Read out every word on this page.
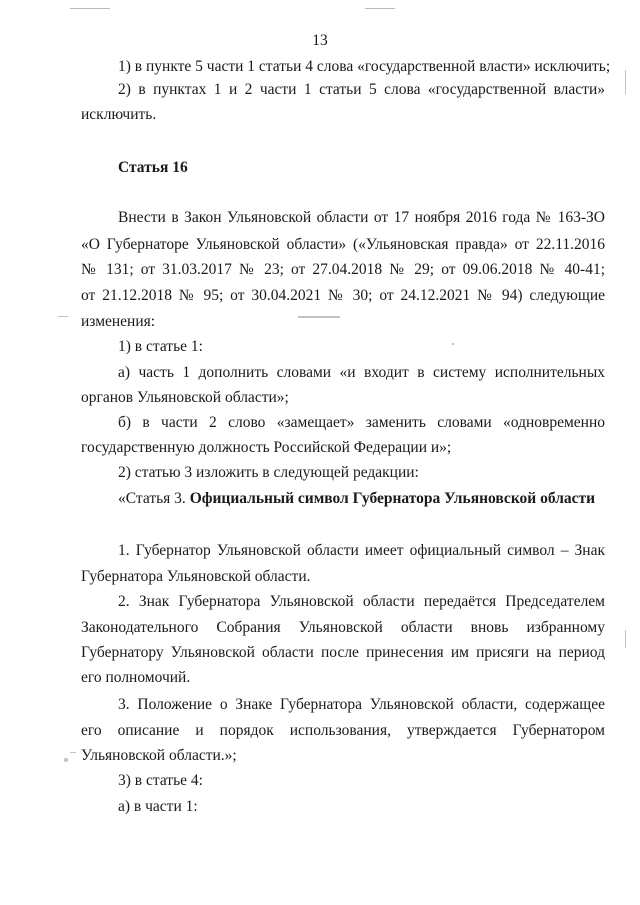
13
1) в пункте 5 части 1 статьи 4 слова «государственной власти» исключить;
2) в пунктах 1 и 2 части 1 статьи 5 слова «государственной власти»
исключить.
Статья 16
Внести в Закон Ульяновской области от 17 ноября 2016 года № 163-ЗО
«О Губернаторе Ульяновской области» («Ульяновская правда» от 22.11.2016
№ 131; от 31.03.2017 № 23; от 27.04.2018 № 29; от 09.06.2018 № 40-41;
от 21.12.2018 № 95; от 30.04.2021 № 30; от 24.12.2021 № 94) следующие
изменения:
1) в статье 1:
а) часть 1 дополнить словами «и входит в систему исполнительных
органов Ульяновской области»;
б) в части 2 слово «замещает» заменить словами «одновременно
государственную должность Российской Федерации и»;
2) статью 3 изложить в следующей редакции:
«Статья 3. Официальный символ Губернатора Ульяновской области
1. Губернатор Ульяновской области имеет официальный символ – Знак
Губернатора Ульяновской области.
2. Знак Губернатора Ульяновской области передаётся Председателем
Законодательного Собрания Ульяновской области вновь избранному
Губернатору Ульяновской области после принесения им присяги на период
его полномочий.
3. Положение о Знаке Губернатора Ульяновской области, содержащее
его описание и порядок использования, утверждается Губернатором
Ульяновской области.»;
3) в статье 4:
а) в части 1:
